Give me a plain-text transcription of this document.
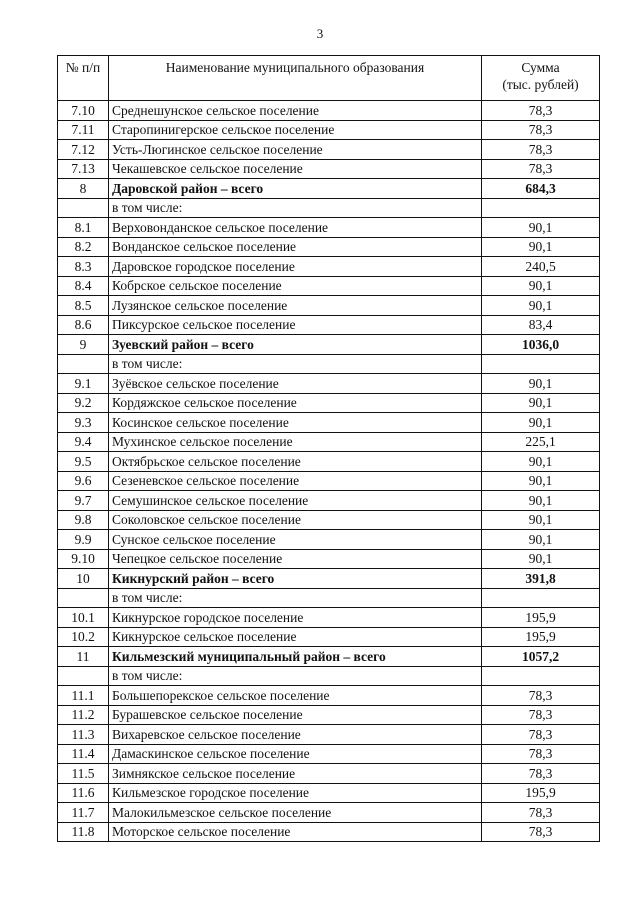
3
№ п/п	Наименование муниципального образования	Сумма
(тыс. рублей)

7.10	Среднешунское сельское поселение	78,3
7.11	Старопинигерское сельское поселение	78,3
7.12	Усть-Люгинское сельское поселение	78,3
7.13	Чекашевское сельское поселение	78,3
8	Даровской район – всего	684,3
	в том числе:	
8.1	Верховонданское сельское поселение	90,1
8.2	Вонданское сельское поселение	90,1
8.3	Даровское городское поселение	240,5
8.4	Кобрское сельское поселение	90,1
8.5	Лузянское сельское поселение	90,1
8.6	Пиксурское сельское поселение	83,4
9	Зуевский район – всего	1036,0
	в том числе:	
9.1	Зуёвское сельское поселение	90,1
9.2	Кордяжское сельское поселение	90,1
9.3	Косинское сельское поселение	90,1
9.4	Мухинское сельское поселение	225,1
9.5	Октябрьское сельское поселение	90,1
9.6	Сезеневское сельское поселение	90,1
9.7	Семушинское сельское поселение	90,1
9.8	Соколовское сельское поселение	90,1
9.9	Сунское сельское поселение	90,1
9.10	Чепецкое сельское поселение	90,1
10	Кикнурский район – всего	391,8
	в том числе:	
10.1	Кикнурское городское поселение	195,9
10.2	Кикнурское сельское поселение	195,9
11	Кильмезский муниципальный район – всего	1057,2
	в том числе:	
11.1	Большепорекское сельское поселение	78,3
11.2	Бурашевское сельское поселение	78,3
11.3	Вихаревское сельское поселение	78,3
11.4	Дамаскинское сельское поселение	78,3
11.5	Зимнякское сельское поселение	78,3
11.6	Кильмезское городское поселение	195,9
11.7	Малокильмезское сельское поселение	78,3
11.8	Моторское сельское поселение	78,3
